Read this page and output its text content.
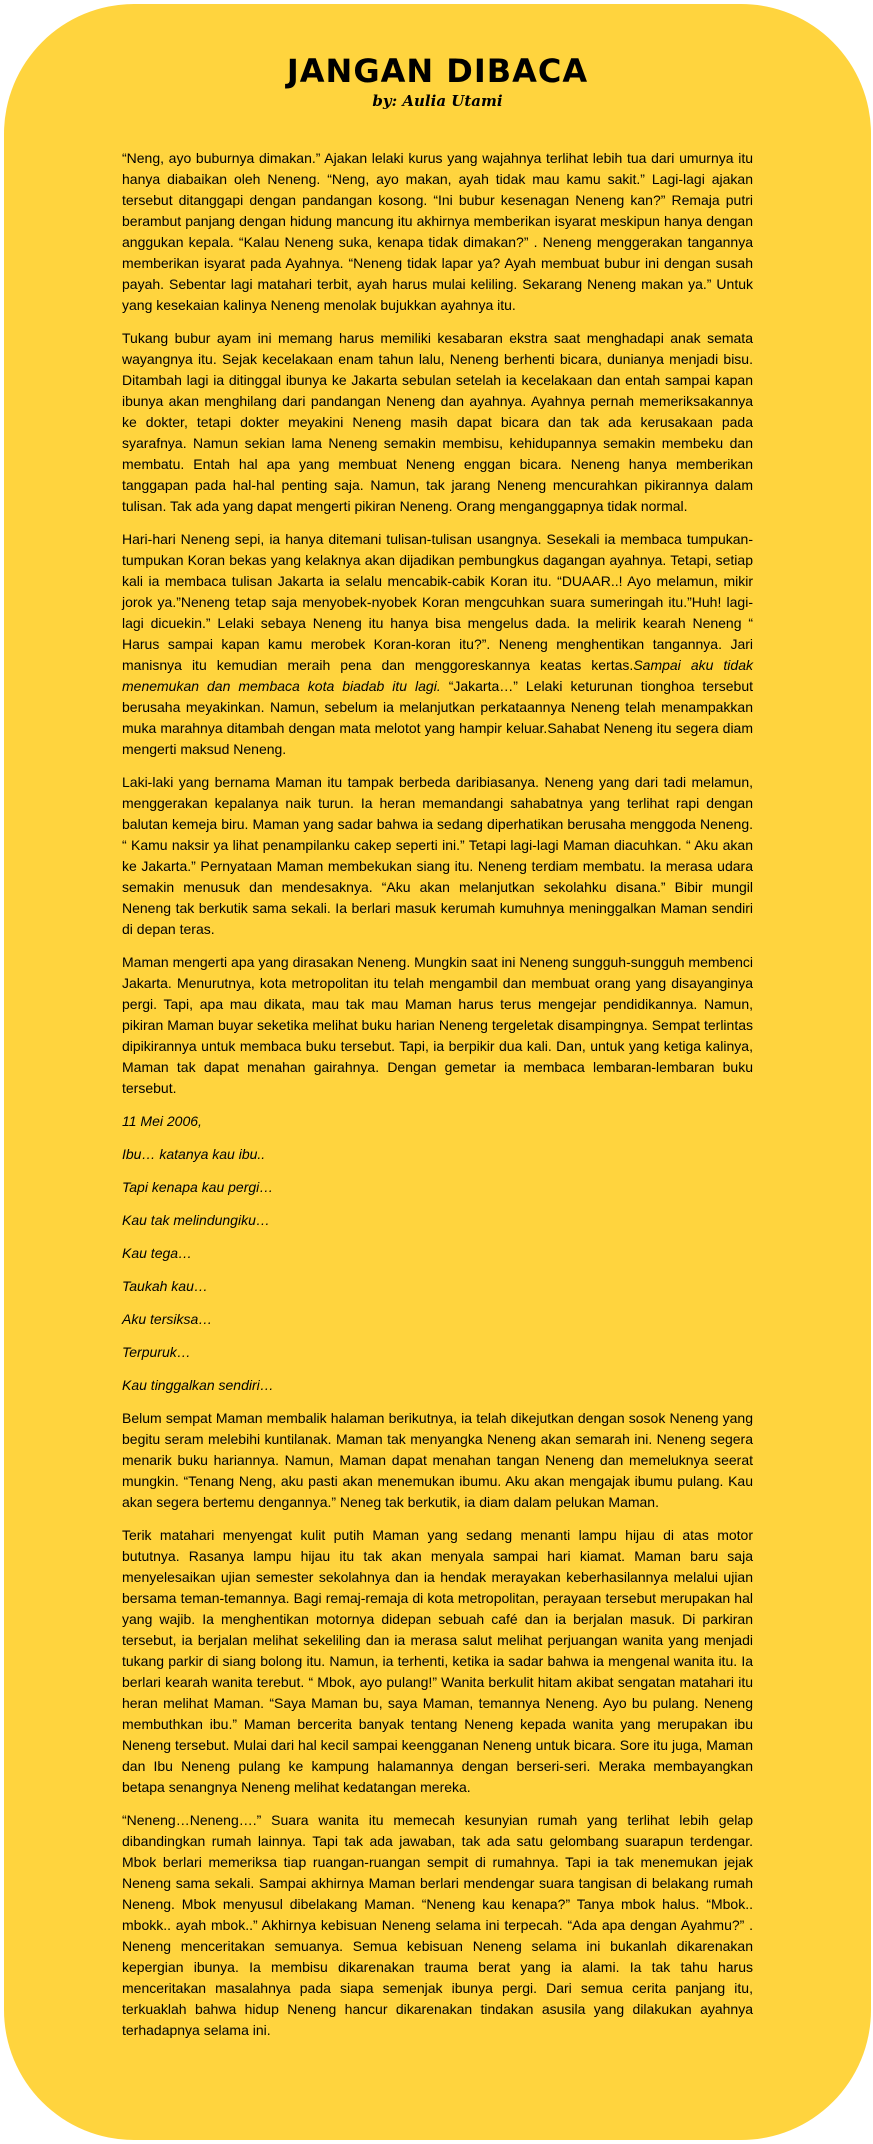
JANGAN DIBACA
by: Aulia Utami

“Neng, ayo buburnya dimakan.” Ajakan lelaki kurus yang wajahnya terlihat lebih tua dari umurnya itu hanya diabaikan oleh Neneng. “Neng, ayo makan, ayah tidak mau kamu sakit.” Lagi-lagi ajakan tersebut ditanggapi dengan pandangan kosong. “Ini bubur kesenagan Neneng kan?” Remaja putri berambut panjang dengan hidung mancung itu akhirnya memberikan isyarat meskipun hanya dengan anggukan kepala. “Kalau Neneng suka, kenapa tidak dimakan?” . Neneng menggerakan tangannya memberikan isyarat pada Ayahnya. “Neneng tidak lapar ya? Ayah membuat bubur ini dengan susah payah. Sebentar lagi matahari terbit, ayah harus mulai keliling. Sekarang Neneng makan ya.” Untuk yang kesekaian kalinya Neneng menolak bujukkan ayahnya itu.

Tukang bubur ayam ini memang harus memiliki kesabaran ekstra saat menghadapi anak semata wayangnya itu. Sejak kecelakaan enam tahun lalu, Neneng berhenti bicara, dunianya menjadi bisu. Ditambah lagi ia ditinggal ibunya ke Jakarta sebulan setelah ia kecelakaan dan entah sampai kapan ibunya akan menghilang dari pandangan Neneng dan ayahnya. Ayahnya pernah memeriksakannya ke dokter, tetapi dokter meyakini Neneng masih dapat bicara dan tak ada kerusakaan pada syarafnya. Namun sekian lama Neneng semakin membisu, kehidupannya semakin membeku dan membatu. Entah hal apa yang membuat Neneng enggan bicara. Neneng hanya memberikan tanggapan pada hal-hal penting saja. Namun, tak jarang Neneng mencurahkan pikirannya dalam tulisan. Tak ada yang dapat mengerti pikiran Neneng. Orang menganggapnya tidak normal.

Hari-hari Neneng sepi, ia hanya ditemani tulisan-tulisan usangnya. Sesekali ia membaca tumpukan-tumpukan Koran bekas yang kelaknya akan dijadikan pembungkus dagangan ayahnya. Tetapi, setiap kali ia membaca tulisan Jakarta ia selalu mencabik-cabik Koran itu. “DUAAR..! Ayo melamun, mikir jorok ya.”Neneng tetap saja menyobek-nyobek Koran mengcuhkan suara sumeringah itu.”Huh! lagi-lagi dicuekin.” Lelaki sebaya Neneng itu hanya bisa mengelus dada. Ia melirik kearah Neneng “ Harus sampai kapan kamu merobek Koran-koran itu?”. Neneng menghentikan tangannya. Jari manisnya itu kemudian meraih pena dan menggoreskannya keatas kertas.Sampai aku tidak menemukan dan membaca kota biadab itu lagi. “Jakarta…” Lelaki keturunan tionghoa tersebut berusaha meyakinkan. Namun, sebelum ia melanjutkan perkataannya Neneng telah menampakkan muka marahnya ditambah dengan mata melotot yang hampir keluar.Sahabat Neneng itu segera diam mengerti maksud Neneng.

Laki-laki yang bernama Maman itu tampak berbeda daribiasanya. Neneng yang dari tadi melamun, menggerakan kepalanya naik turun. Ia heran memandangi sahabatnya yang terlihat rapi dengan balutan kemeja biru. Maman yang sadar bahwa ia sedang diperhatikan berusaha menggoda Neneng. “ Kamu naksir ya lihat penampilanku cakep seperti ini.” Tetapi lagi-lagi Maman diacuhkan. “ Aku akan ke Jakarta.” Pernyataan Maman membekukan siang itu. Neneng terdiam membatu. Ia merasa udara semakin menusuk dan mendesaknya. “Aku akan melanjutkan sekolahku disana.” Bibir mungil Neneng tak berkutik sama sekali. Ia berlari masuk kerumah kumuhnya meninggalkan Maman sendiri di depan teras.

Maman mengerti apa yang dirasakan Neneng. Mungkin saat ini Neneng sungguh-sungguh membenci Jakarta. Menurutnya, kota metropolitan itu telah mengambil dan membuat orang yang disayanginya pergi. Tapi, apa mau dikata, mau tak mau Maman harus terus mengejar pendidikannya. Namun, pikiran Maman buyar seketika melihat buku harian Neneng tergeletak disampingnya. Sempat terlintas dipikirannya untuk membaca buku tersebut. Tapi, ia berpikir dua kali. Dan, untuk yang ketiga kalinya, Maman tak dapat menahan gairahnya. Dengan gemetar ia membaca lembaran-lembaran buku tersebut.

11 Mei 2006,

Ibu… katanya kau ibu..

Tapi kenapa kau pergi…

Kau tak melindungiku…

Kau tega…

Taukah kau…

Aku tersiksa…

Terpuruk…

Kau tinggalkan sendiri…

Belum sempat Maman membalik halaman berikutnya, ia telah dikejutkan dengan sosok Neneng yang begitu seram melebihi kuntilanak. Maman tak menyangka Neneng akan semarah ini. Neneng segera menarik buku hariannya. Namun, Maman dapat menahan tangan Neneng dan memeluknya seerat mungkin. “Tenang Neng, aku pasti akan menemukan ibumu. Aku akan mengajak ibumu pulang. Kau akan segera bertemu dengannya.” Neneg tak berkutik, ia diam dalam pelukan Maman.

Terik matahari menyengat kulit putih Maman yang sedang menanti lampu hijau di atas motor bututnya. Rasanya lampu hijau itu tak akan menyala sampai hari kiamat. Maman baru saja menyelesaikan ujian semester sekolahnya dan ia hendak merayakan keberhasilannya melalui ujian bersama teman-temannya. Bagi remaj-remaja di kota metropolitan, perayaan tersebut merupakan hal yang wajib. Ia menghentikan motornya didepan sebuah café dan ia berjalan masuk. Di parkiran tersebut, ia berjalan melihat sekeliling dan ia merasa salut melihat perjuangan wanita yang menjadi tukang parkir di siang bolong itu. Namun, ia terhenti, ketika ia sadar bahwa ia mengenal wanita itu. Ia berlari kearah wanita terebut. “ Mbok, ayo pulang!” Wanita berkulit hitam akibat sengatan matahari itu heran melihat Maman. “Saya Maman bu, saya Maman, temannya Neneng. Ayo bu pulang. Neneng membuthkan ibu.” Maman bercerita banyak tentang Neneng kepada wanita yang merupakan ibu Neneng tersebut. Mulai dari hal kecil sampai keengganan Neneng untuk bicara. Sore itu juga, Maman dan Ibu Neneng pulang ke kampung halamannya dengan berseri-seri. Meraka membayangkan betapa senangnya Neneng melihat kedatangan mereka.

“Neneng…Neneng….” Suara wanita itu memecah kesunyian rumah yang terlihat lebih gelap dibandingkan rumah lainnya. Tapi tak ada jawaban, tak ada satu gelombang suarapun terdengar. Mbok berlari memeriksa tiap ruangan-ruangan sempit di rumahnya. Tapi ia tak menemukan jejak Neneng sama sekali. Sampai akhirnya Maman berlari mendengar suara tangisan di belakang rumah Neneng. Mbok menyusul dibelakang Maman. “Neneng kau kenapa?” Tanya mbok halus. “Mbok.. mbokk.. ayah mbok..” Akhirnya kebisuan Neneng selama ini terpecah. “Ada apa dengan Ayahmu?” . Neneng menceritakan semuanya. Semua kebisuan Neneng selama ini bukanlah dikarenakan kepergian ibunya. Ia membisu dikarenakan trauma berat yang ia alami. Ia tak tahu harus menceritakan masalahnya pada siapa semenjak ibunya pergi. Dari semua cerita panjang itu, terkuaklah bahwa hidup Neneng hancur dikarenakan tindakan asusila yang dilakukan ayahnya terhadapnya selama ini.
